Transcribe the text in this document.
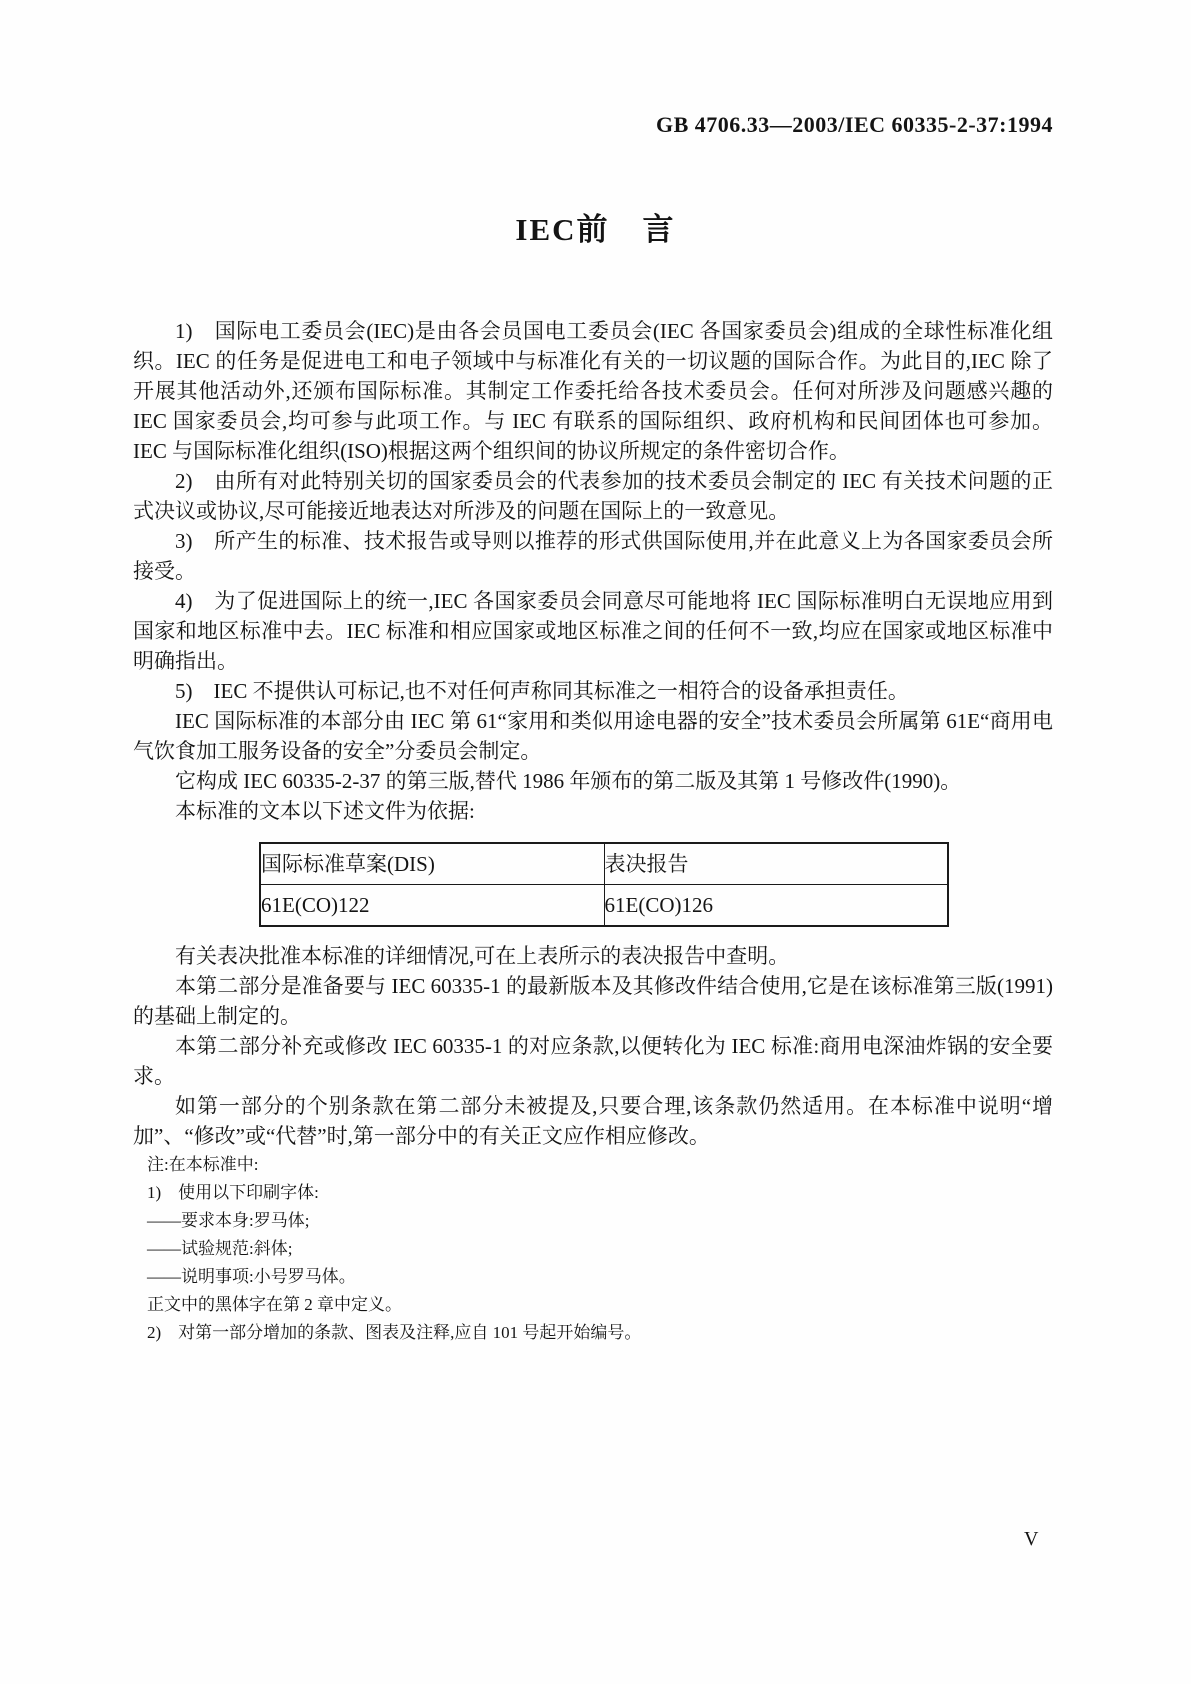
GB 4706.33—2003/IEC 60335-2-37:1994
IEC前　言

1)　国际电工委员会(IEC)是由各会员国电工委员会(IEC 各国家委员会)组成的全球性标准化组织。IEC 的任务是促进电工和电子领域中与标准化有关的一切议题的国际合作。为此目的,IEC 除了开展其他活动外,还颁布国际标准。其制定工作委托给各技术委员会。任何对所涉及问题感兴趣的 IEC 国家委员会,均可参与此项工作。与 IEC 有联系的国际组织、政府机构和民间团体也可参加。IEC 与国际标准化组织(ISO)根据这两个组织间的协议所规定的条件密切合作。

2)　由所有对此特别关切的国家委员会的代表参加的技术委员会制定的 IEC 有关技术问题的正式决议或协议,尽可能接近地表达对所涉及的问题在国际上的一致意见。

3)　所产生的标准、技术报告或导则以推荐的形式供国际使用,并在此意义上为各国家委员会所接受。

4)　为了促进国际上的统一,IEC 各国家委员会同意尽可能地将 IEC 国际标准明白无误地应用到国家和地区标准中去。IEC 标准和相应国家或地区标准之间的任何不一致,均应在国家或地区标准中明确指出。

5)　IEC 不提供认可标记,也不对任何声称同其标准之一相符合的设备承担责任。

IEC 国际标准的本部分由 IEC 第 61“家用和类似用途电器的安全”技术委员会所属第 61E“商用电气饮食加工服务设备的安全”分委员会制定。

它构成 IEC 60335-2-37 的第三版,替代 1986 年颁布的第二版及其第 1 号修改件(1990)。

本标准的文本以下述文件为依据:

国际标准草案(DIS)	表决报告
61E(CO)122	61E(CO)126

有关表决批准本标准的详细情况,可在上表所示的表决报告中查明。

本第二部分是准备要与 IEC 60335-1 的最新版本及其修改件结合使用,它是在该标准第三版(1991)的基础上制定的。

本第二部分补充或修改 IEC 60335-1 的对应条款,以便转化为 IEC 标准:商用电深油炸锅的安全要求。

如第一部分的个别条款在第二部分未被提及,只要合理,该条款仍然适用。在本标准中说明“增加”、“修改”或“代替”时,第一部分中的有关正文应作相应修改。

注:在本标准中:

1)　使用以下印刷字体:

——要求本身:罗马体;

——试验规范:斜体;

——说明事项:小号罗马体。

正文中的黑体字在第 2 章中定义。

2)　对第一部分增加的条款、图表及注释,应自 101 号起开始编号。

V
